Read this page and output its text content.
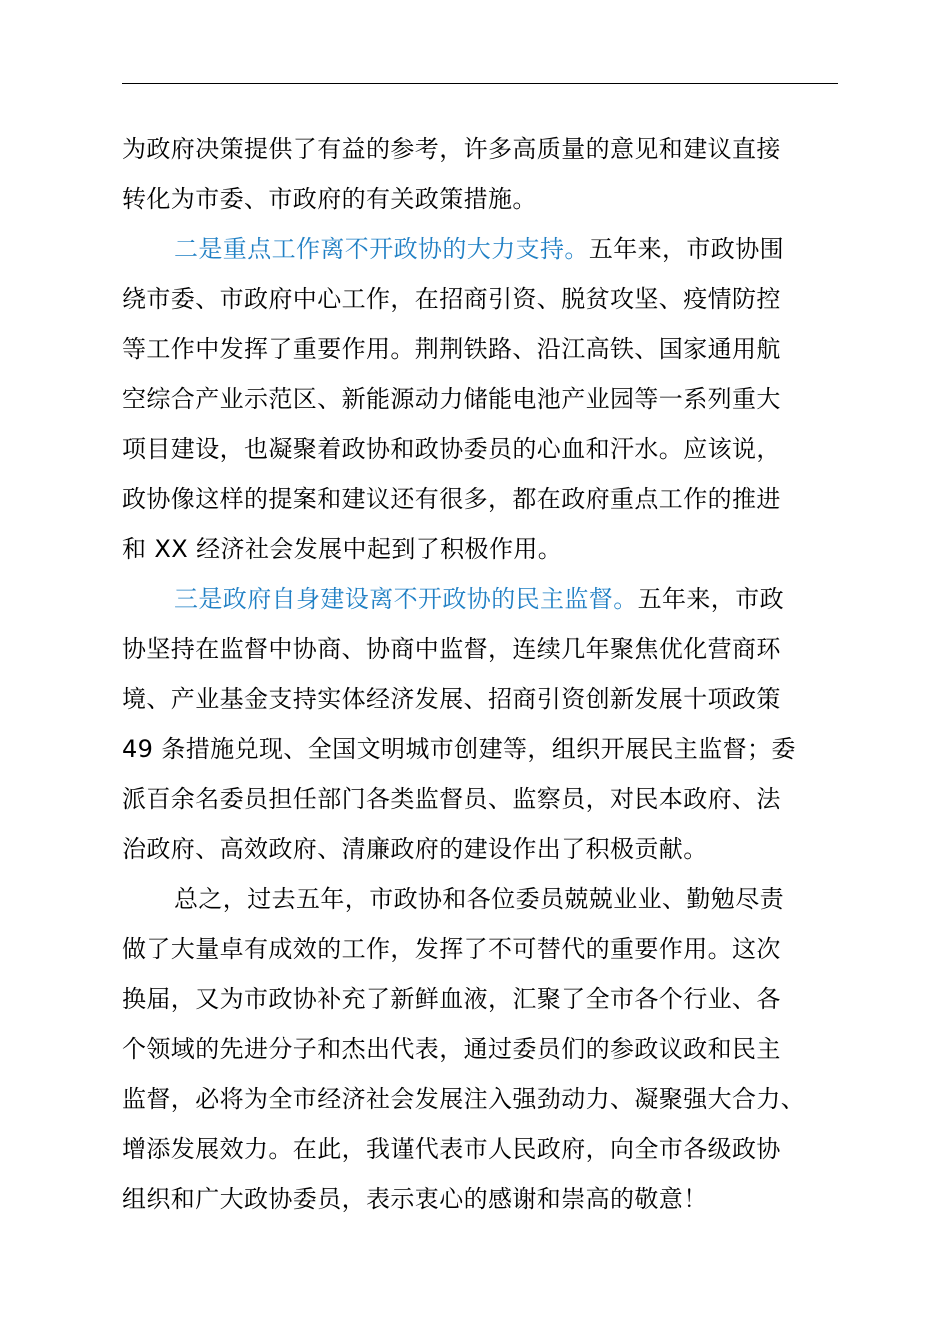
为政府决策提供了有益的参考，许多高质量的意见和建议直接
转化为市委、市政府的有关政策措施。
二是重点工作离不开政协的大力支持。五年来，市政协围
绕市委、市政府中心工作，在招商引资、脱贫攻坚、疫情防控
等工作中发挥了重要作用。荆荆铁路、沿江高铁、国家通用航
空综合产业示范区、新能源动力储能电池产业园等一系列重大
项目建设，也凝聚着政协和政协委员的心血和汗水。应该说，
政协像这样的提案和建议还有很多，都在政府重点工作的推进
和 XX 经济社会发展中起到了积极作用。
三是政府自身建设离不开政协的民主监督。五年来，市政
协坚持在监督中协商、协商中监督，连续几年聚焦优化营商环
境、产业基金支持实体经济发展、招商引资创新发展十项政策
49 条措施兑现、全国文明城市创建等，组织开展民主监督；委
派百余名委员担任部门各类监督员、监察员，对民本政府、法
治政府、高效政府、清廉政府的建设作出了积极贡献。
总之，过去五年，市政协和各位委员兢兢业业、勤勉尽责
做了大量卓有成效的工作，发挥了不可替代的重要作用。这次
换届，又为市政协补充了新鲜血液，汇聚了全市各个行业、各
个领域的先进分子和杰出代表，通过委员们的参政议政和民主
监督，必将为全市经济社会发展注入强劲动力、凝聚强大合力、
增添发展效力。在此，我谨代表市人民政府，向全市各级政协
组织和广大政协委员，表示衷心的感谢和崇高的敬意！
